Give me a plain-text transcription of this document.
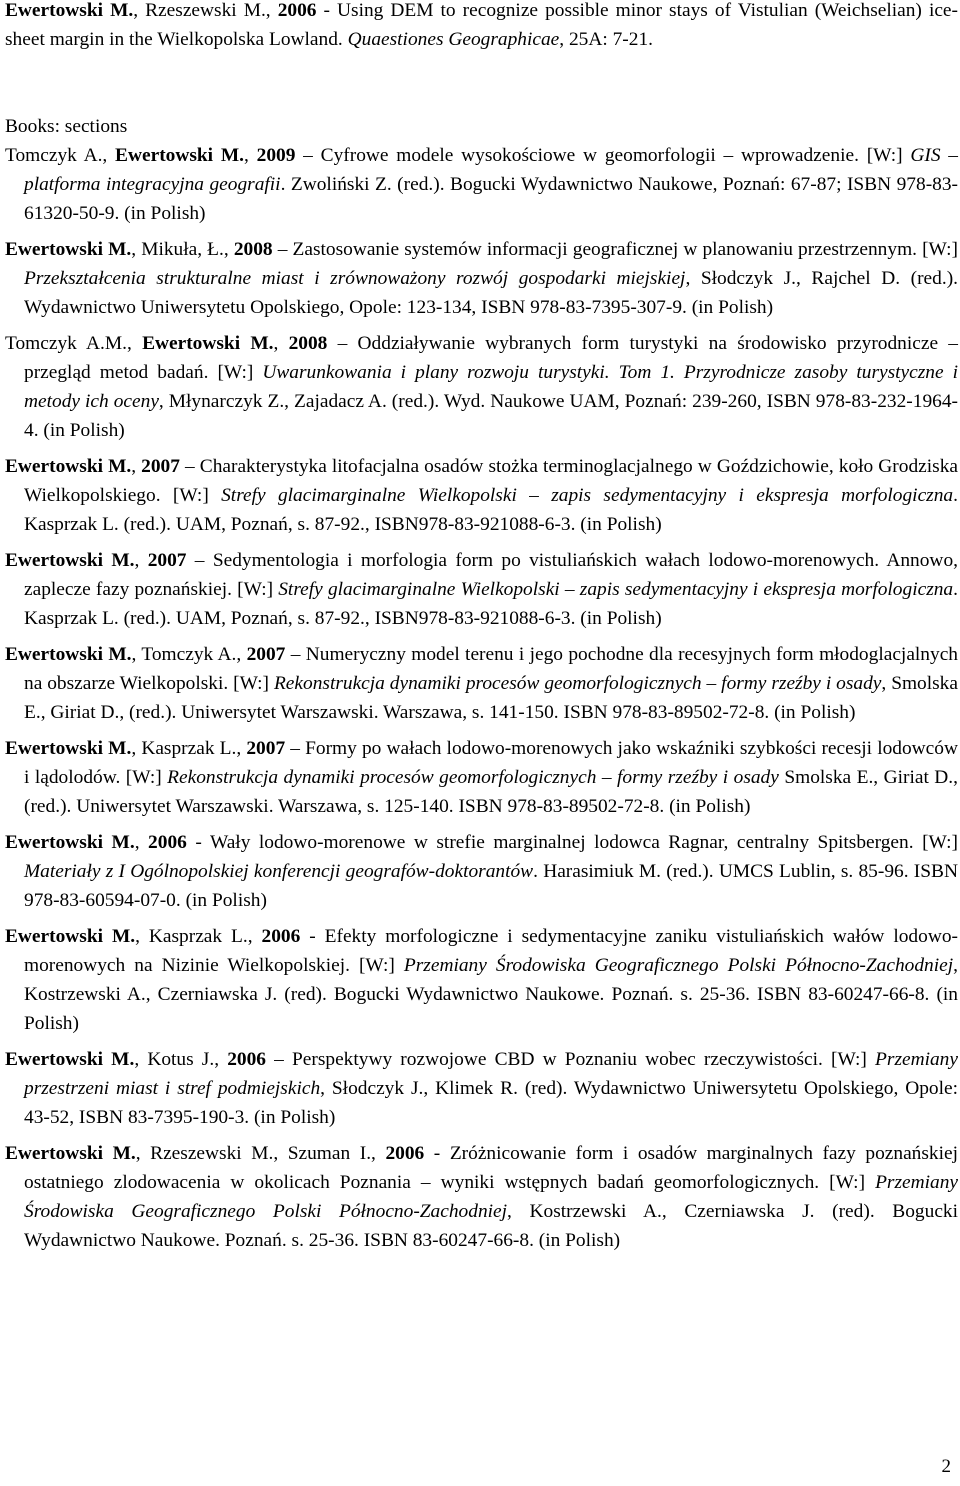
Ewertowski M., Rzeszewski M., 2006 - Using DEM to recognize possible minor stays of Vistulian (Weichselian) ice-sheet margin in the Wielkopolska Lowland. Quaestiones Geographicae, 25A: 7-21.

Books: sections

Tomczyk A., Ewertowski M., 2009 – Cyfrowe modele wysokościowe w geomorfologii – wprowadzenie. [W:] GIS – platforma integracyjna geografii. Zwoliński Z. (red.). Bogucki Wydawnictwo Naukowe, Poznań: 67-87; ISBN 978-83-61320-50-9. (in Polish)

Ewertowski M., Mikuła, Ł., 2008 – Zastosowanie systemów informacji geograficznej w planowaniu przestrzennym. [W:] Przekształcenia strukturalne miast i zrównoważony rozwój gospodarki miejskiej, Słodczyk J., Rajchel D. (red.). Wydawnictwo Uniwersytetu Opolskiego, Opole: 123-134, ISBN 978-83-7395-307-9. (in Polish)

Tomczyk A.M., Ewertowski M., 2008 – Oddziaływanie wybranych form turystyki na środowisko przyrodnicze – przegląd metod badań. [W:] Uwarunkowania i plany rozwoju turystyki. Tom 1. Przyrodnicze zasoby turystyczne i metody ich oceny, Młynarczyk Z., Zajadacz A. (red.). Wyd. Naukowe UAM, Poznań: 239-260, ISBN 978-83-232-1964-4. (in Polish)

Ewertowski M., 2007 – Charakterystyka litofacjalna osadów stożka terminoglacjalnego w Goździchowie, koło Grodziska Wielkopolskiego. [W:] Strefy glacimarginalne Wielkopolski – zapis sedymentacyjny i ekspresja morfologiczna. Kasprzak L. (red.). UAM, Poznań, s. 87-92., ISBN978-83-921088-6-3. (in Polish)

Ewertowski M., 2007 – Sedymentologia i morfologia form po vistuliańskich wałach lodowo-morenowych. Annowo, zaplecze fazy poznańskiej. [W:] Strefy glacimarginalne Wielkopolski – zapis sedymentacyjny i ekspresja morfologiczna. Kasprzak L. (red.). UAM, Poznań, s. 87-92., ISBN978-83-921088-6-3. (in Polish)

Ewertowski M., Tomczyk A., 2007 – Numeryczny model terenu i jego pochodne dla recesyjnych form młodoglacjalnych na obszarze Wielkopolski. [W:] Rekonstrukcja dynamiki procesów geomorfologicznych – formy rzeźby i osady, Smolska E., Giriat D., (red.). Uniwersytet Warszawski. Warszawa, s. 141-150. ISBN 978-83-89502-72-8. (in Polish)

Ewertowski M., Kasprzak L., 2007 – Formy po wałach lodowo-morenowych jako wskaźniki szybkości recesji lodowców i lądolodów. [W:] Rekonstrukcja dynamiki procesów geomorfologicznych – formy rzeźby i osady Smolska E., Giriat D., (red.). Uniwersytet Warszawski. Warszawa, s. 125-140. ISBN 978-83-89502-72-8. (in Polish)

Ewertowski M., 2006 - Wały lodowo-morenowe w strefie marginalnej lodowca Ragnar, centralny Spitsbergen. [W:] Materiały z I Ogólnopolskiej konferencji geografów-doktorantów. Harasimiuk M. (red.). UMCS Lublin, s. 85-96. ISBN 978-83-60594-07-0. (in Polish)

Ewertowski M., Kasprzak L., 2006 - Efekty morfologiczne i sedymentacyjne zaniku vistuliańskich wałów lodowo-morenowych na Nizinie Wielkopolskiej. [W:] Przemiany Środowiska Geograficznego Polski Północno-Zachodniej, Kostrzewski A., Czerniawska J. (red). Bogucki Wydawnictwo Naukowe. Poznań. s. 25-36. ISBN 83-60247-66-8. (in Polish)

Ewertowski M., Kotus J., 2006 – Perspektywy rozwojowe CBD w Poznaniu wobec rzeczywistości. [W:] Przemiany przestrzeni miast i stref podmiejskich, Słodczyk J., Klimek R. (red). Wydawnictwo Uniwersytetu Opolskiego, Opole: 43-52, ISBN 83-7395-190-3. (in Polish)

Ewertowski M., Rzeszewski M., Szuman I., 2006 - Zróżnicowanie form i osadów marginalnych fazy poznańskiej ostatniego zlodowacenia w okolicach Poznania – wyniki wstępnych badań geomorfologicznych. [W:] Przemiany Środowiska Geograficznego Polski Północno-Zachodniej, Kostrzewski A., Czerniawska J. (red). Bogucki Wydawnictwo Naukowe. Poznań. s. 25-36. ISBN 83-60247-66-8. (in Polish)

2
